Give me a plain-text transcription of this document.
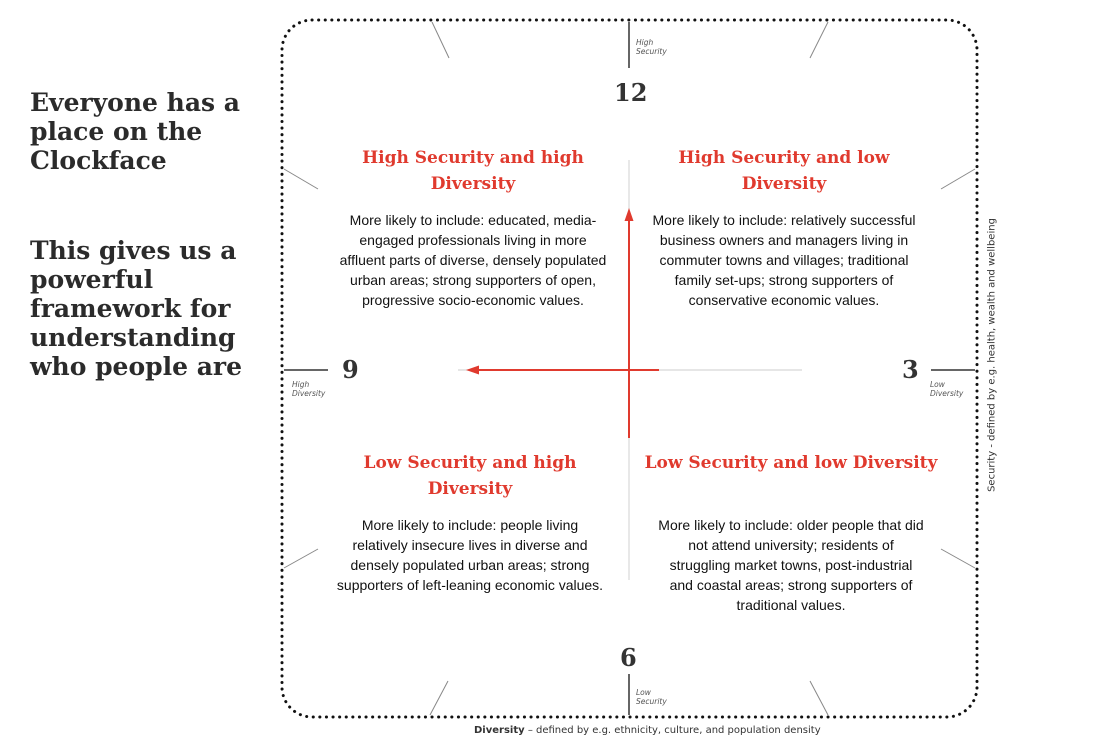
Everyone has a place on the Clockface
This gives us a powerful framework for understanding who people are
12
3
6
9
High
Security
Low
Security
High
Diversity
Low
Diversity
High Security and high Diversity

More likely to include: educated, media-engaged professionals living in more affluent parts of diverse, densely populated urban areas; strong supporters of open, progressive socio-economic values.

High Security and low Diversity

More likely to include: relatively successful business owners and managers living in commuter towns and villages; traditional family set-ups; strong supporters of conservative economic values.

Low Security and high Diversity

More likely to include: people living relatively insecure lives in diverse and densely populated urban areas; strong supporters of left-leaning economic values.

Low Security and low Diversity

More likely to include: older people that did not attend university; residents of struggling market towns, post-industrial and coastal areas; strong supporters of traditional values.

Security - defined by e.g. health, wealth and wellbeing
Diversity – defined by e.g. ethnicity, culture, and population density
